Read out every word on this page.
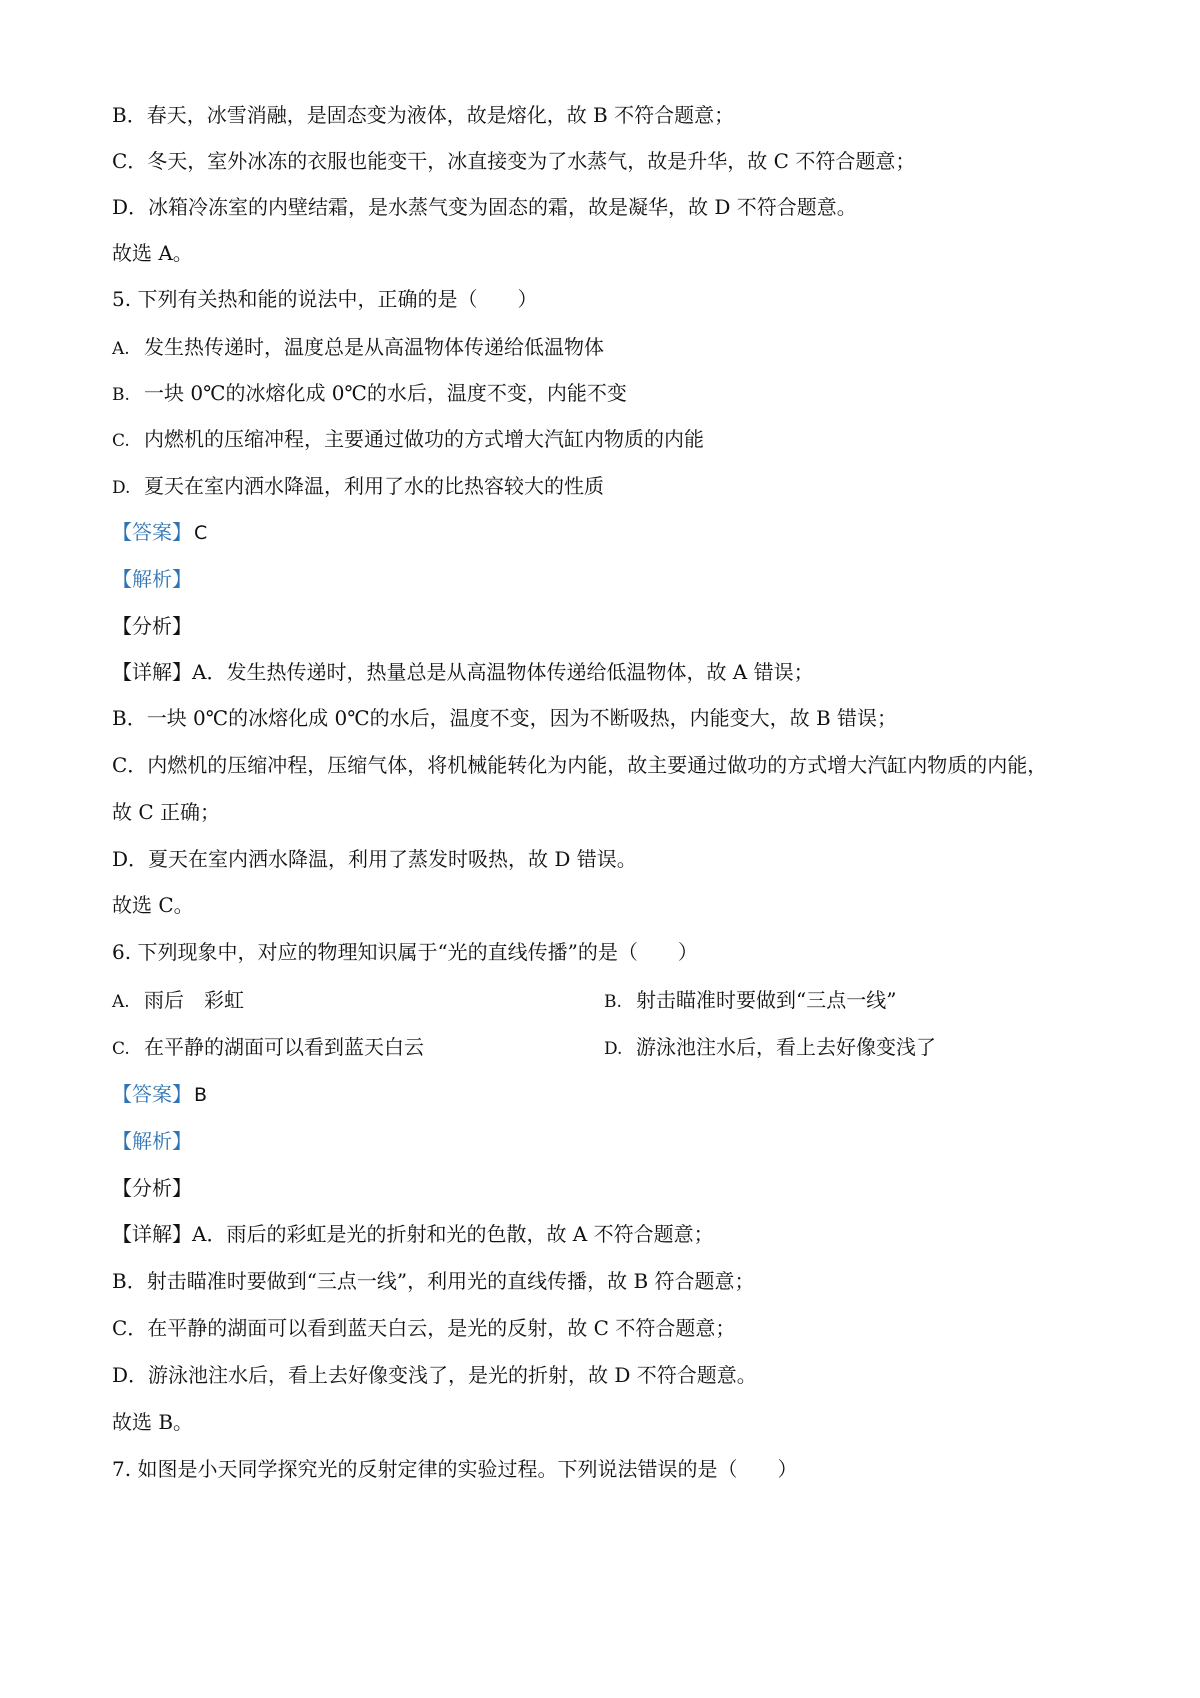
B．春天，冰雪消融，是固态变为液体，故是熔化，故 B 不符合题意；
C．冬天，室外冰冻的衣服也能变干，冰直接变为了水蒸气，故是升华，故 C 不符合题意；
D．冰箱冷冻室的内壁结霜，是水蒸气变为固态的霜，故是凝华，故 D 不符合题意。
故选 A。
5. 下列有关热和能的说法中，正确的是（　　）
A. 发生热传递时，温度总是从高温物体传递给低温物体
B. 一块 0℃的冰熔化成 0℃的水后，温度不变，内能不变
C. 内燃机的压缩冲程，主要通过做功的方式增大汽缸内物质的内能
D. 夏天在室内洒水降温，利用了水的比热容较大的性质
【答案】 C
【解析】
【分析】
【详解】A．发生热传递时，热量总是从高温物体传递给低温物体，故 A 错误；
B．一块 0℃的冰熔化成 0℃的水后，温度不变，因为不断吸热，内能变大，故 B 错误；
C．内燃机的压缩冲程，压缩气体，将机械能转化为内能，故主要通过做功的方式增大汽缸内物质的内能，
故 C 正确；
D．夏天在室内洒水降温，利用了蒸发时吸热，故 D 错误。
故选 C。
6. 下列现象中，对应的物理知识属于“光的直线传播”的是（　　）
A. 雨后　彩虹	B. 射击瞄准时要做到“三点一线”
C. 在平静的湖面可以看到蓝天白云	D. 游泳池注水后，看上去好像变浅了
【答案】 B
【解析】
【分析】
【详解】A．雨后的彩虹是光的折射和光的色散，故 A 不符合题意；
B．射击瞄准时要做到“三点一线”，利用光的直线传播，故 B 符合题意；
C．在平静的湖面可以看到蓝天白云，是光的反射，故 C 不符合题意；
D．游泳池注水后，看上去好像变浅了，是光的折射，故 D 不符合题意。
故选 B。
7. 如图是小天同学探究光的反射定律的实验过程。下列说法错误的是（　　）
